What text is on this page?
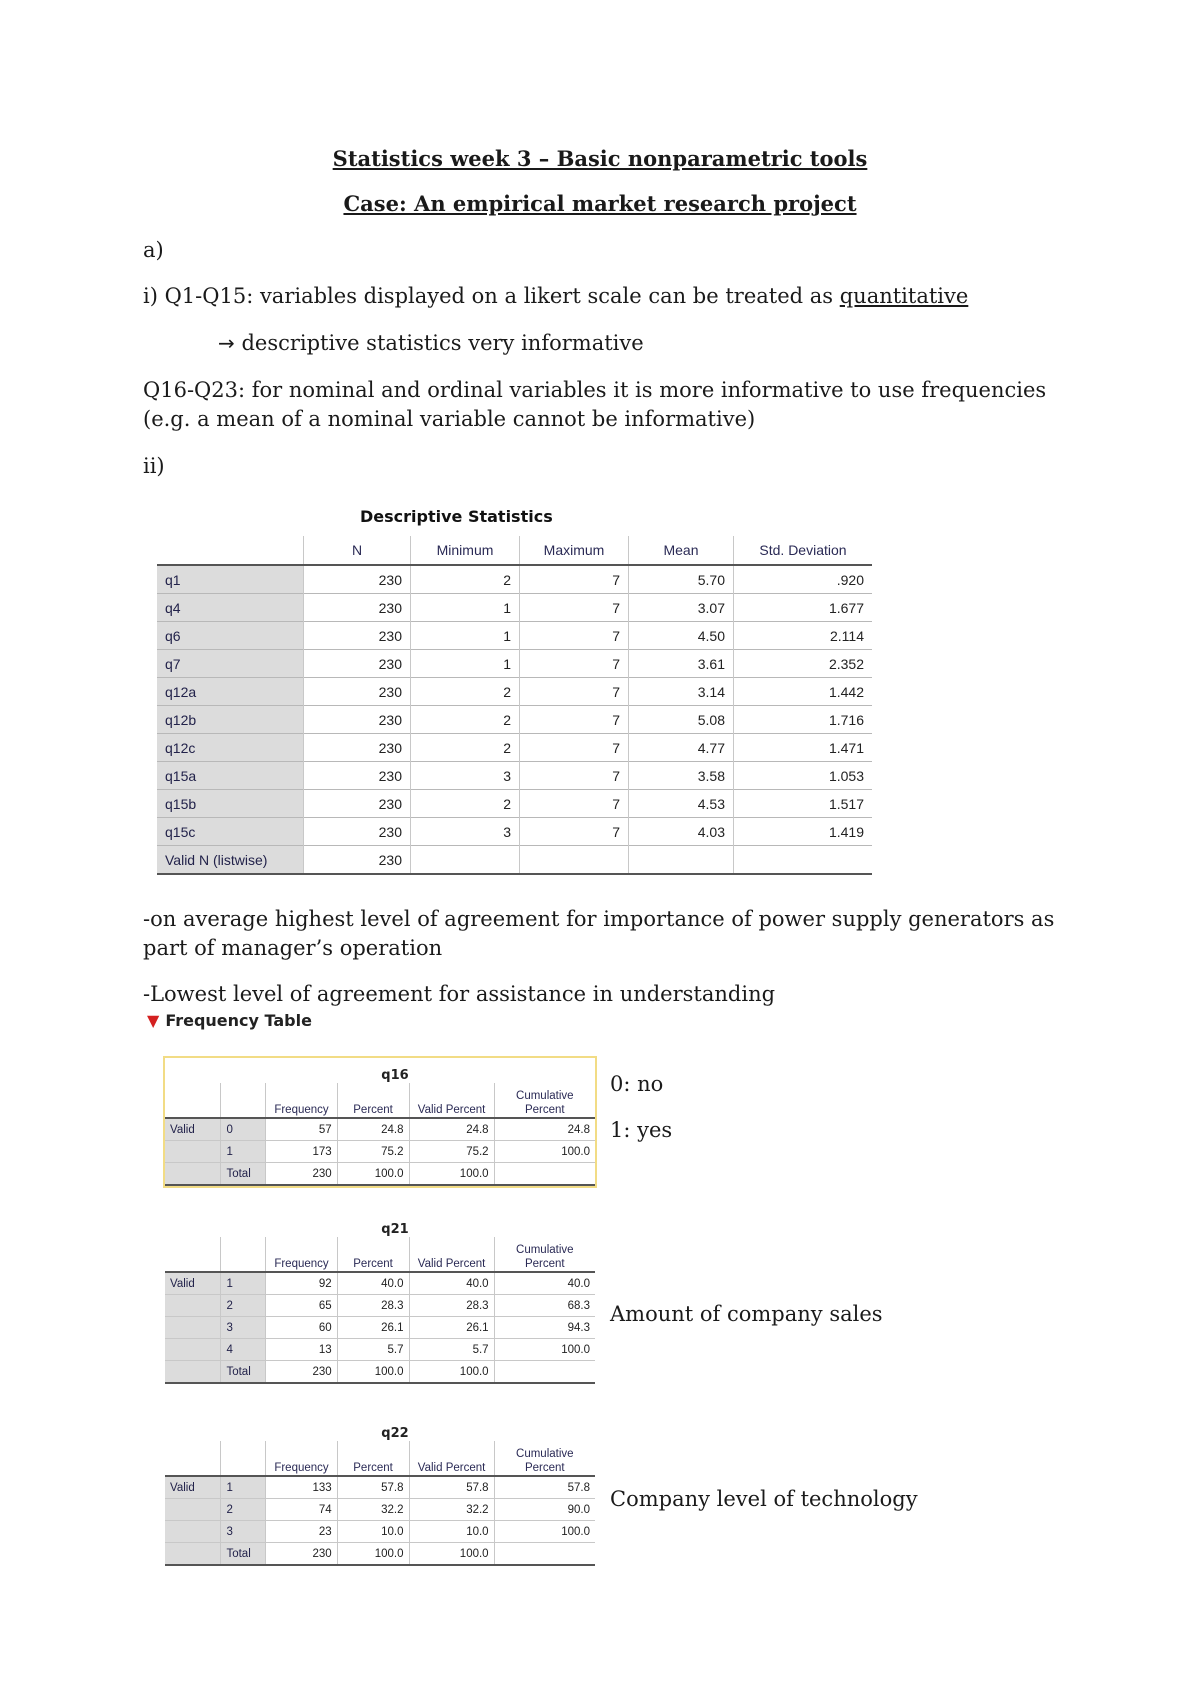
Statistics week 3 – Basic nonparametric tools
Case: An empirical market research project
a)
i) Q1-Q15: variables displayed on a likert scale can be treated as quantitative
→ descriptive statistics very informative
Q16-Q23: for nominal and ordinal variables it is more informative to use frequencies (e.g. a mean of a nominal variable cannot be informative)
ii)
Descriptive Statistics
	N	Minimum	Maximum	Mean	Std. Deviation
q1	230	2	7	5.70	.920
q4	230	1	7	3.07	1.677
q6	230	1	7	4.50	2.114
q7	230	1	7	3.61	2.352
q12a	230	2	7	3.14	1.442
q12b	230	2	7	5.08	1.716
q12c	230	2	7	4.77	1.471
q15a	230	3	7	3.58	1.053
q15b	230	2	7	4.53	1.517
q15c	230	3	7	4.03	1.419
Valid N (listwise)	230				
-on average highest level of agreement for importance of power supply generators as part of manager’s operation
-Lowest level of agreement for assistance in understanding
▼ Frequency Table
q16
		Frequency	Percent	Valid Percent	Cumulative Percent
Valid	0	57	24.8	24.8	24.8
	1	173	75.2	75.2	100.0
	Total	230	100.0	100.0	
0: no
1: yes
q21
		Frequency	Percent	Valid Percent	Cumulative Percent
Valid	1	92	40.0	40.0	40.0
	2	65	28.3	28.3	68.3
	3	60	26.1	26.1	94.3
	4	13	5.7	5.7	100.0
	Total	230	100.0	100.0	
Amount of company sales
q22
		Frequency	Percent	Valid Percent	Cumulative Percent
Valid	1	133	57.8	57.8	57.8
	2	74	32.2	32.2	90.0
	3	23	10.0	10.0	100.0
	Total	230	100.0	100.0	
Company level of technology
